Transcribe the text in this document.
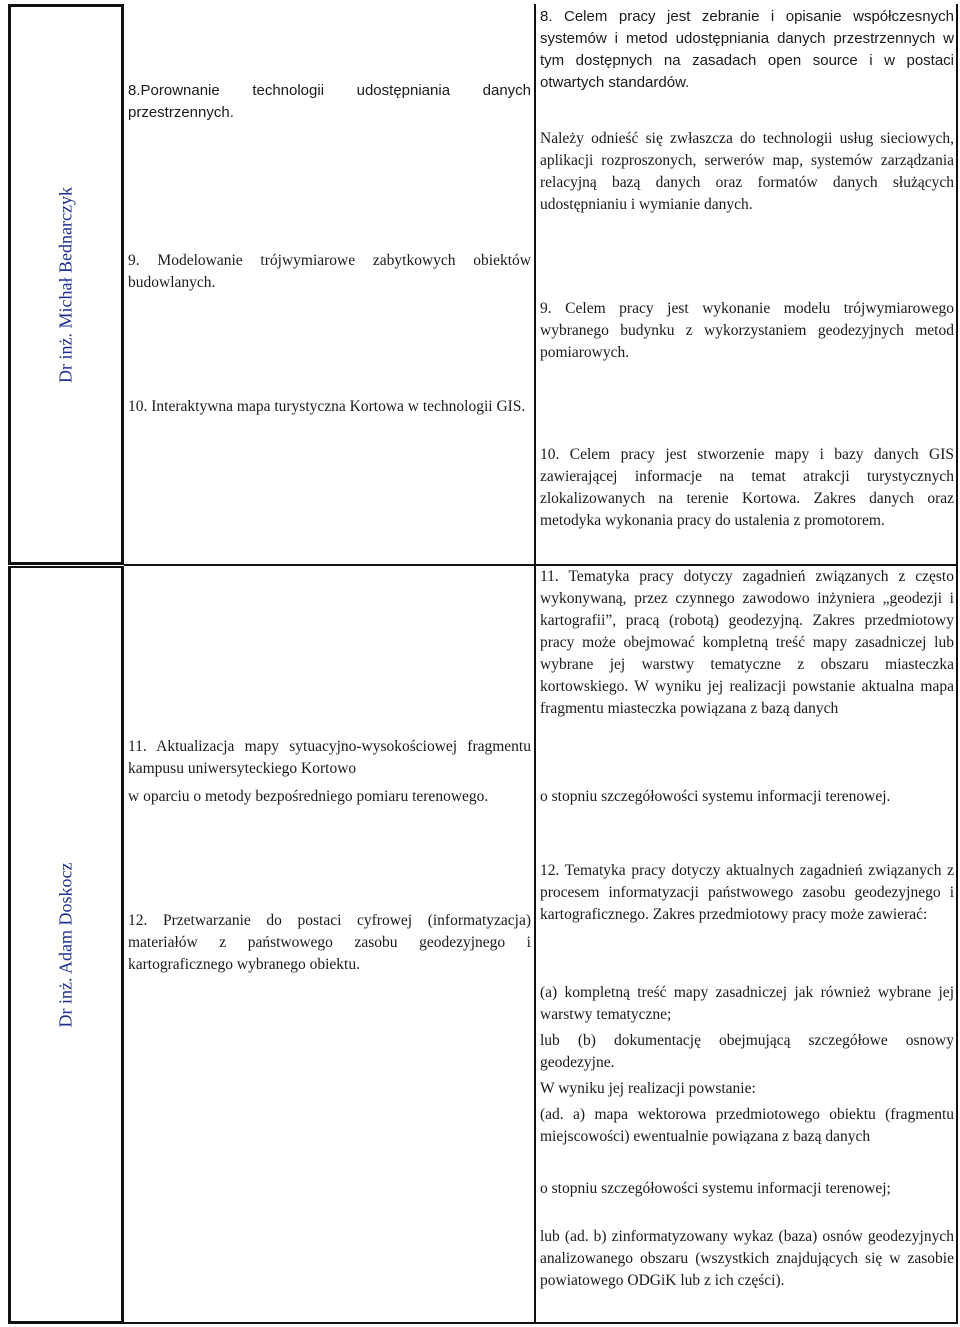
Dr inż. Michał Bednarczyk
Dr inż. Adam Doskocz
8.Porownanie technologii udostępniania danych przestrzennych.
9. Modelowanie trójwymiarowe zabytkowych obiektów budowlanych.
10. Interaktywna mapa turystyczna Kortowa w technologii GIS.
11. Aktualizacja mapy sytuacyjno-wysokościowej fragmentu kampusu uniwersyteckiego Kortowo
w oparciu o metody bezpośredniego pomiaru terenowego.
12. Przetwarzanie do postaci cyfrowej (informatyzacja) materiałów z państwowego zasobu geodezyjnego i kartograficznego wybranego obiektu.
8. Celem pracy jest zebranie i opisanie współczesnych systemów i metod udostępniania danych przestrzennych w tym dostępnych na zasadach open source i w postaci otwartych standardów.
Należy odnieść się zwłaszcza do technologii usług sieciowych, aplikacji rozproszonych, serwerów map, systemów zarządzania relacyjną bazą danych oraz formatów danych służących udostępnianiu i wymianie danych.
9. Celem pracy jest wykonanie modelu trójwymiarowego wybranego budynku z wykorzystaniem geodezyjnych metod pomiarowych.
10. Celem pracy jest stworzenie mapy i bazy danych GIS zawierającej informacje na temat atrakcji turystycznych zlokalizowanych na terenie Kortowa. Zakres danych oraz metodyka wykonania pracy do ustalenia z promotorem.
11. Tematyka pracy dotyczy zagadnień związanych z często wykonywaną, przez czynnego zawodowo inżyniera „geodezji i kartografii”, pracą (robotą) geodezyjną. Zakres przedmiotowy pracy może obejmować kompletną treść mapy zasadniczej lub wybrane jej warstwy tematyczne z obszaru miasteczka kortowskiego. W wyniku jej realizacji powstanie aktualna mapa fragmentu miasteczka powiązana z bazą danych
o stopniu szczegółowości systemu informacji terenowej.
12. Tematyka pracy dotyczy aktualnych zagadnień związanych z procesem informatyzacji państwowego zasobu geodezyjnego i kartograficznego. Zakres przedmiotowy pracy może zawierać:
(a) kompletną treść mapy zasadniczej jak również wybrane jej warstwy tematyczne;
lub (b) dokumentację obejmującą szczegółowe osnowy geodezyjne.
W wyniku jej realizacji powstanie:
(ad. a) mapa wektorowa przedmiotowego obiektu (fragmentu miejscowości) ewentualnie powiązana z bazą danych
o stopniu szczegółowości systemu informacji terenowej;
lub (ad. b) zinformatyzowany wykaz (baza) osnów geodezyjnych analizowanego obszaru (wszystkich znajdujących się w zasobie powiatowego ODGiK lub z ich części).
